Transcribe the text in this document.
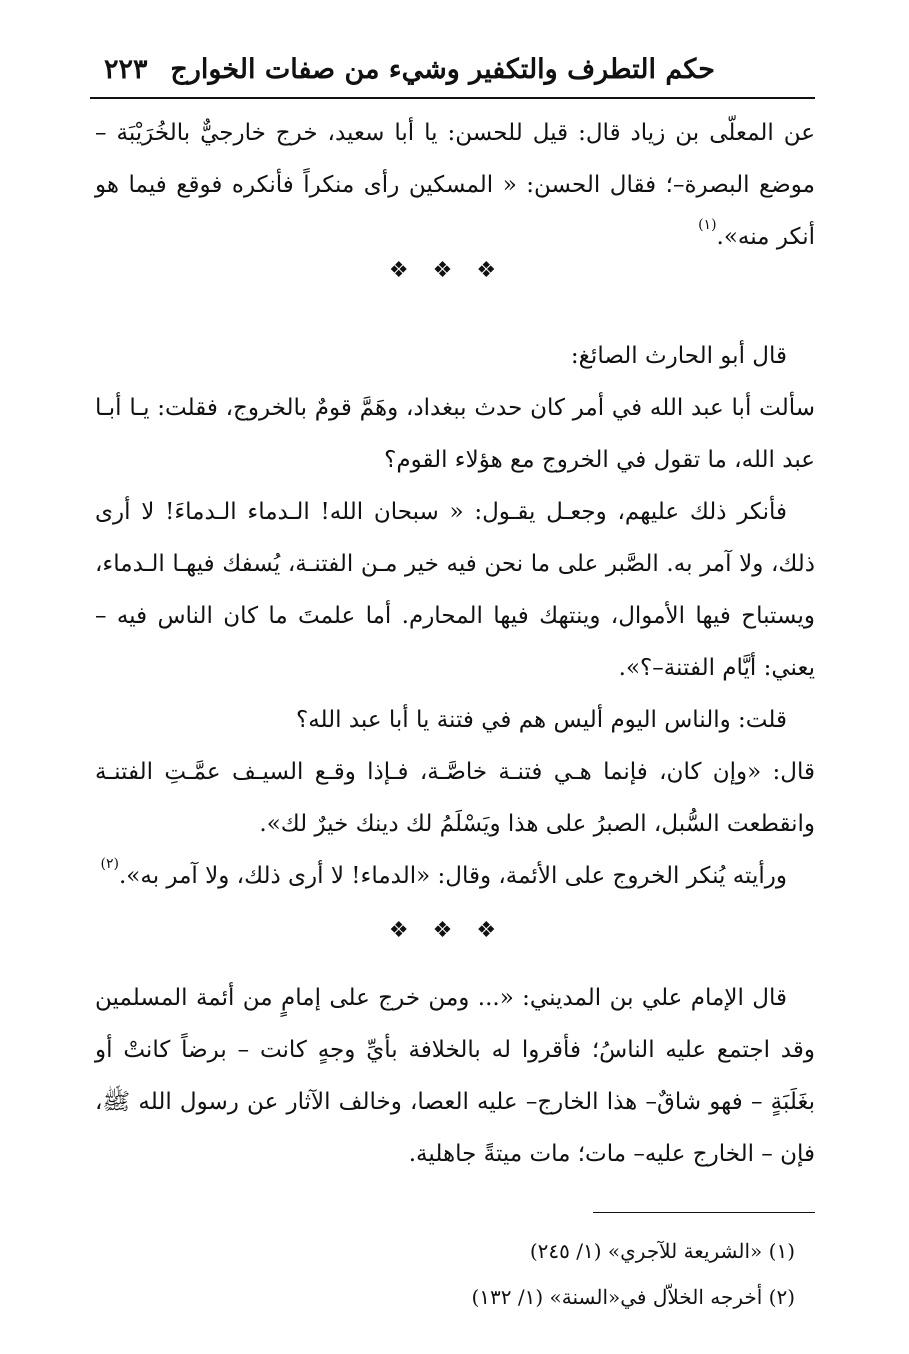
حكم التطرف والتكفير وشيء من صفات الخوارج
٢٢٣

عن المعلّى بن زياد قال: قيل للحسن: يا أبا سعيد، خرج خارجيٌّ بالخُرَيْبَة – موضع البصرة–؛ فقال الحسن: « المسكين رأى منكراً فأنكره فوقع فيما هو أنكر منه».$^{(١)}$

❖❖❖

قال أبو الحارث الصائغ:

سألت أبا عبد الله في أمر كان حدث ببغداد، وهَمَّ قومٌ بالخروج، فقلت: يـا أبـا عبد الله، ما تقول في الخروج مع هؤلاء القوم؟

فأنكر ذلك عليهم، وجعـل يقـول: « سبحان الله! الـدماء الـدماءَ! لا أرى ذلك، ولا آمر به. الصَّبر على ما نحن فيه خير مـن الفتنـة، يُسفك فيهـا الـدماء، ويستباح فيها الأموال، وينتهك فيها المحارم. أما علمتَ ما كان الناس فيه – يعني: أيَّام الفتنة–؟».

قلت: والناس اليوم أليس هم في فتنة يا أبا عبد الله؟

قال: «وإن كان، فإنما هـي فتنـة خاصَّـة، فـإذا وقـع السيـف عمَّـتِ الفتنـة وانقطعت السُّبل، الصبرُ على هذا ويَسْلَمُ لك دينك خيرٌ لك».

ورأيته يُنكر الخروج على الأئمة، وقال: «الدماء! لا أرى ذلك، ولا آمر به».$^{(٢)}$

❖❖❖

قال الإمام علي بن المديني: «... ومن خرج على إمامٍ من أئمة المسلمين وقد اجتمع عليه الناسُ؛ فأقروا له بالخلافة بأيِّ وجهٍ كانت – برضاً كانتْ أو بغَلَبَةٍ – فهو شاقٌ– هذا الخارج– عليه العصا، وخالف الآثار عن رسول الله ﷺ، فإن – الخارج عليه– مات؛ مات ميتةً جاهلية.

(١) «الشريعة للآجري» (١/ ٢٤٥)

(٢) أخرجه الخلاّل في«السنة» (١/ ١٣٢)
